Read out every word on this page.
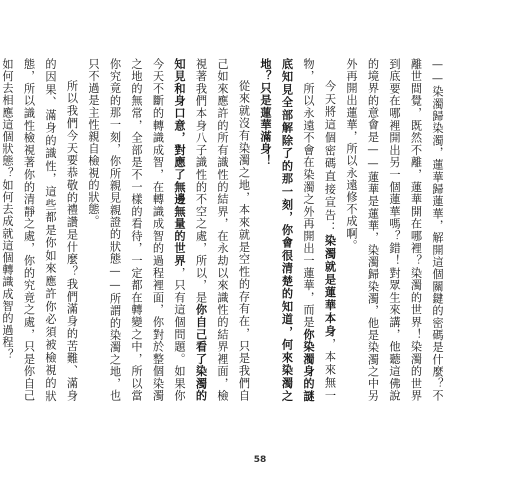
——染濁歸染濁，蓮華歸蓮華，解開這個關鍵的密碼是什麼？不離世間覺，既然不離，蓮華開在哪裡？染濁的世界！染濁的世界到底要在哪裡開出另一個蓮華嗎？錯！對眾生來講，他聽這佛說的境界的意會是——蓮華是蓮華，染濁歸染濁，他是染濁之中另外再開出蓮華，所以永遠修不成啊。

今天將這個密碼直接宣告：染濁就是蓮華本身，本來無一物，所以永遠不會在染濁之外再開出一蓮華，而是你染濁身的謎底知見全部解除了的那一刻，你會很清楚的知道，何來染濁之地？只是蓮華滿身！

從來就沒有染濁之地，本來就是空性的存有在，只是我們自己如來應許的所有識性的結界，在永劫以來識性的結界裡面，檢視著我們本身八子識性的不空之處，所以，是你自己看了染濁的知見和身口意，對應了無邊無量的世界，只有這個問題。如果你今天不斷的轉識成智，在轉識成智的過程裡面，你對於整個染濁之地的無常，全部是不一樣的看待，一定都在轉變之中，所以當你究竟的那一刻，你所親見親證的狀態——所謂的染濁之地，也只不過是主性親自檢視的狀態。

所以我們今天要恭敬的禮讚是什麼？我們滿身的苦難、滿身的因果、滿身的識性，這些都是你如來應許你必須被檢視的狀態，所以識性檢視著你的清靜之處，你的究竟之處，只是你自己如何去相應這個狀態？如何去成就這個轉識成智的過程？

58
